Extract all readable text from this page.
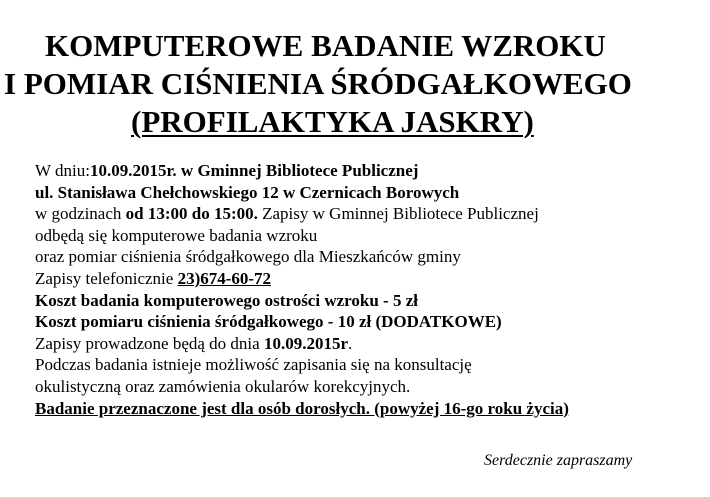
KOMPUTEROWE BADANIE WZROKU
I POMIAR CIŚNIENIA ŚRÓDGAŁKOWEGO
(PROFILAKTYKA JASKRY)
W dniu:10.09.2015r. w Gminnej Bibliotece Publicznej
ul. Stanisława Chełchowskiego 12 w Czernicach Borowych
w godzinach od 13:00 do 15:00. Zapisy w Gminnej Bibliotece Publicznej
odbędą się komputerowe badania wzroku
oraz pomiar ciśnienia śródgałkowego dla Mieszkańców gminy
Zapisy telefonicznie 23)674-60-72
Koszt badania komputerowego ostrości wzroku - 5 zł
Koszt pomiaru ciśnienia śródgałkowego - 10 zł (DODATKOWE)
Zapisy prowadzone będą do dnia 10.09.2015r.
Podczas badania istnieje możliwość zapisania się na konsultację
okulistyczną oraz zamówienia okularów korekcyjnych.
Badanie przeznaczone jest dla osób dorosłych. (powyżej 16-go roku życia)
Serdecznie zapraszamy
